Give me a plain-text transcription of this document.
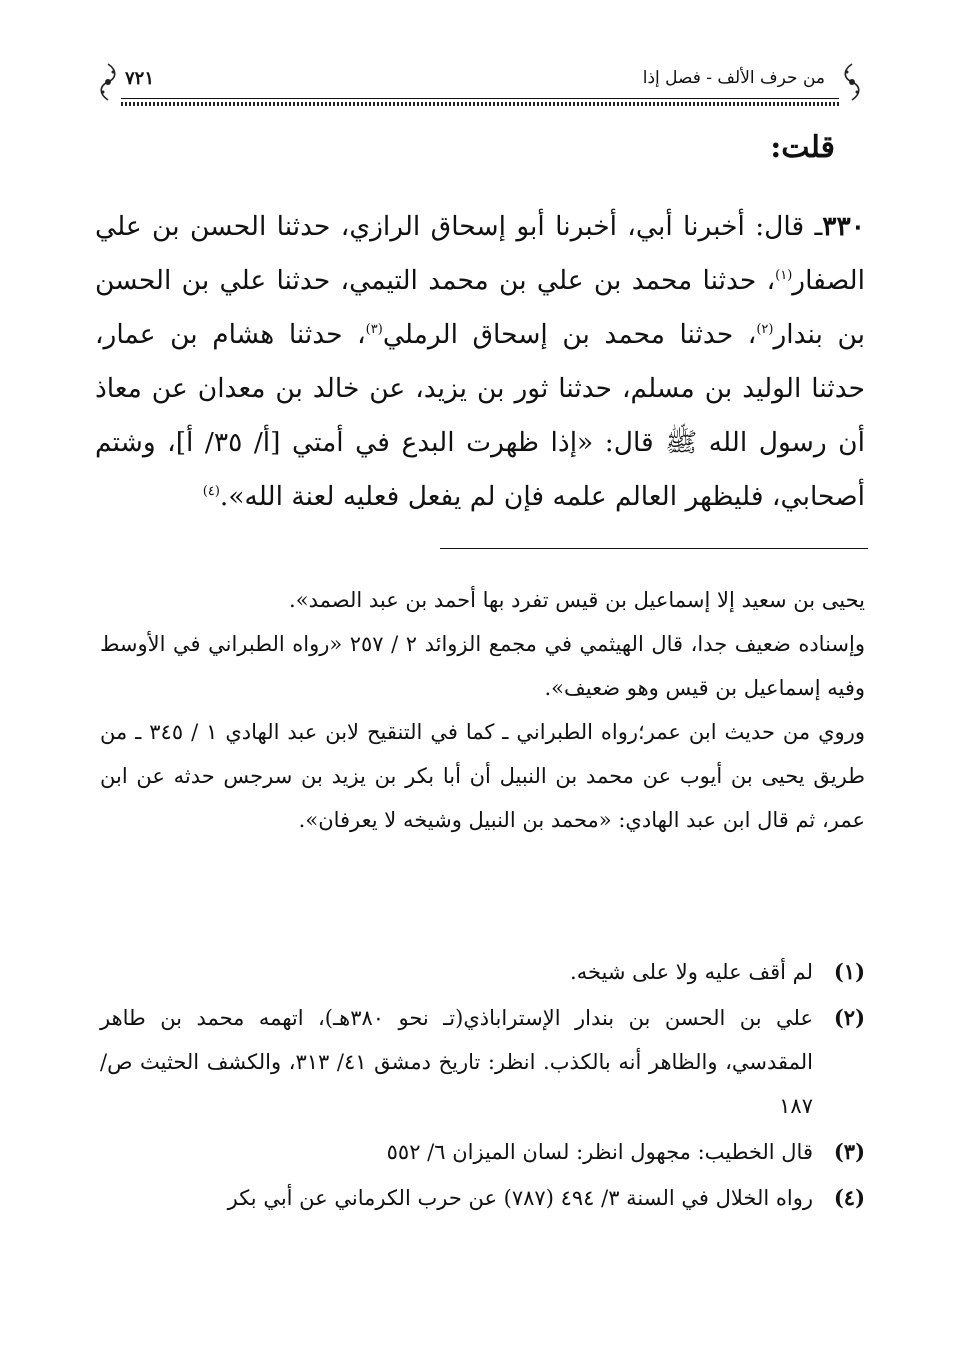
من حرف الألف - فصل إذا
٧٢١
قلت:

٣٣٠ـ قال: أخبرنا أبي، أخبرنا أبو إسحاق الرازي، حدثنا الحسن بن علي الصفار$^{(١)}$، حدثنا محمد بن علي بن محمد التيمي، حدثنا علي بن الحسن بن بندار$^{(٢)}$، حدثنا محمد بن إسحاق الرملي$^{(٣)}$، حدثنا هشام بن عمار، حدثنا الوليد بن مسلم، حدثنا ثور بن يزيد، عن خالد بن معدان عن معاذ أن رسول الله ﷺ قال: «إذا ظهرت البدع في أمتي [أ/ ٣٥/ أ]، وشتم أصحابي، فليظهر العالم علمه فإن لم يفعل فعليه لعنة الله».$^{(٤)}$

يحيى بن سعيد إلا إسماعيل بن قيس تفرد بها أحمد بن عبد الصمد».

وإسناده ضعيف جدا، قال الهيثمي في مجمع الزوائد ٢ / ٢٥٧ «رواه الطبراني في الأوسط وفيه إسماعيل بن قيس وهو ضعيف».

وروي من حديث ابن عمر؛رواه الطبراني ـ كما في التنقيح لابن عبد الهادي ١ / ٣٤٥ ـ من طريق يحيى بن أيوب عن محمد بن النبيل أن أبا بكر بن يزيد بن سرجس حدثه عن ابن عمر، ثم قال ابن عبد الهادي: «محمد بن النبيل وشيخه لا يعرفان».

(١)
لم أقف عليه ولا على شيخه.
(٢)
علي بن الحسن بن بندار الإستراباذي(تـ نحو ٣٨٠هـ)، اتهمه محمد بن طاهر المقدسي، والظاهر أنه بالكذب. انظر: تاريخ دمشق ٤١/ ٣١٣، والكشف الحثيث ص/ ١٨٧
(٣)
قال الخطيب: مجهول انظر: لسان الميزان ٦/ ٥٥٢
(٤)
رواه الخلال في السنة ٣/ ٤٩٤ (٧٨٧) عن حرب الكرماني عن أبي بكر
